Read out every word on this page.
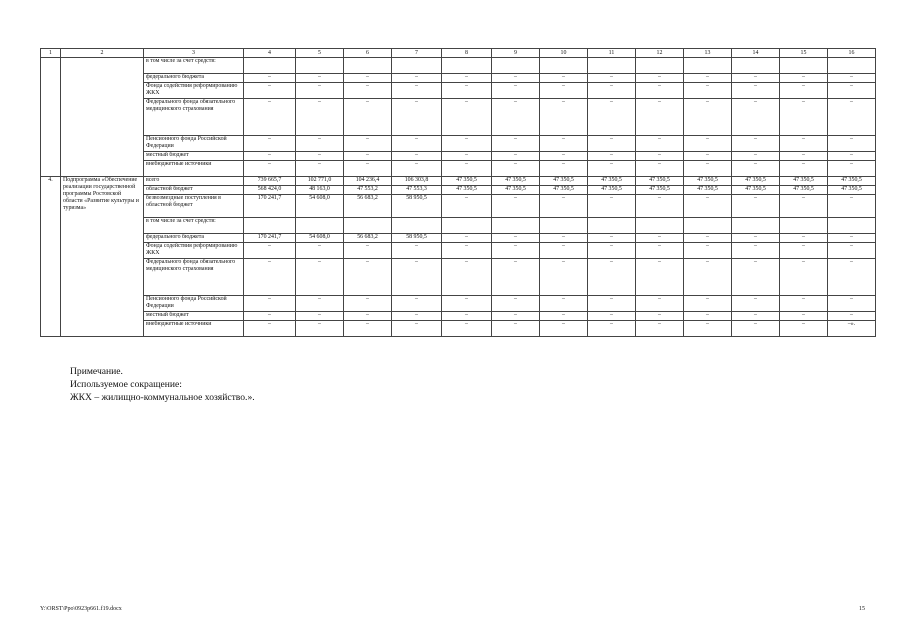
1	2	3	4	5	6	7	8	9	10	11	12	13	14	15	16
		в том числе за счет средств:													
		федерального бюджета	–	–	–	–	–	–	–	–	–	–	–	–	–
		Фонда содействия реформированию ЖКХ	–	–	–	–	–	–	–	–	–	–	–	–	–
		Федерального фонда обязательного медицинского страхования	–	–	–	–	–	–	–	–	–	–	–	–	–
		Пенсионного фонда Российской Федерации	–	–	–	–	–	–	–	–	–	–	–	–	–
		местный бюджет	–	–	–	–	–	–	–	–	–	–	–	–	–
		внебюджетные источники	–	–	–	–	–	–	–	–	–	–	–	–	–
4.	Подпрограмма «Обеспечение реализации государственной программы Ростовской области «Развитие культуры и туризма»	всего	739 665,7	102 771,0	104 236,4	106 303,8	47 350,5	47 350,5	47 350,5	47 350,5	47 350,5	47 350,5	47 350,5	47 350,5	47 350,5
		областной бюджет	568 424,0	48 163,0	47 553,2	47 553,3	47 350,5	47 350,5	47 350,5	47 350,5	47 350,5	47 350,5	47 350,5	47 350,5	47 350,5
		безвозмездные поступления в областной бюджет	170 241,7	54 608,0	56 683,2	58 950,5	–	–	–	–	–	–	–	–	–
		в том числе за счет средств:													
		федерального бюджета	170 241,7	54 608,0	56 683,2	58 950,5	–	–	–	–	–	–	–	–	–
		Фонда содействия реформированию ЖКХ	–	–	–	–	–	–	–	–	–	–	–	–	–
		Федерального фонда обязательного медицинского страхования	–	–	–	–	–	–	–	–	–	–	–	–	–
		Пенсионного фонда Российской Федерации	–	–	–	–	–	–	–	–	–	–	–	–	–
		местный бюджет	–	–	–	–	–	–	–	–	–	–	–	–	–
		внебюджетные источники	–	–	–	–	–	–	–	–	–	–	–	–	–».
Примечание.
Используемое сокращение:
ЖКХ – жилищно-коммунальное хозяйство.».
Y:\ORST\Ppo\0923p661.f19.docx	15
